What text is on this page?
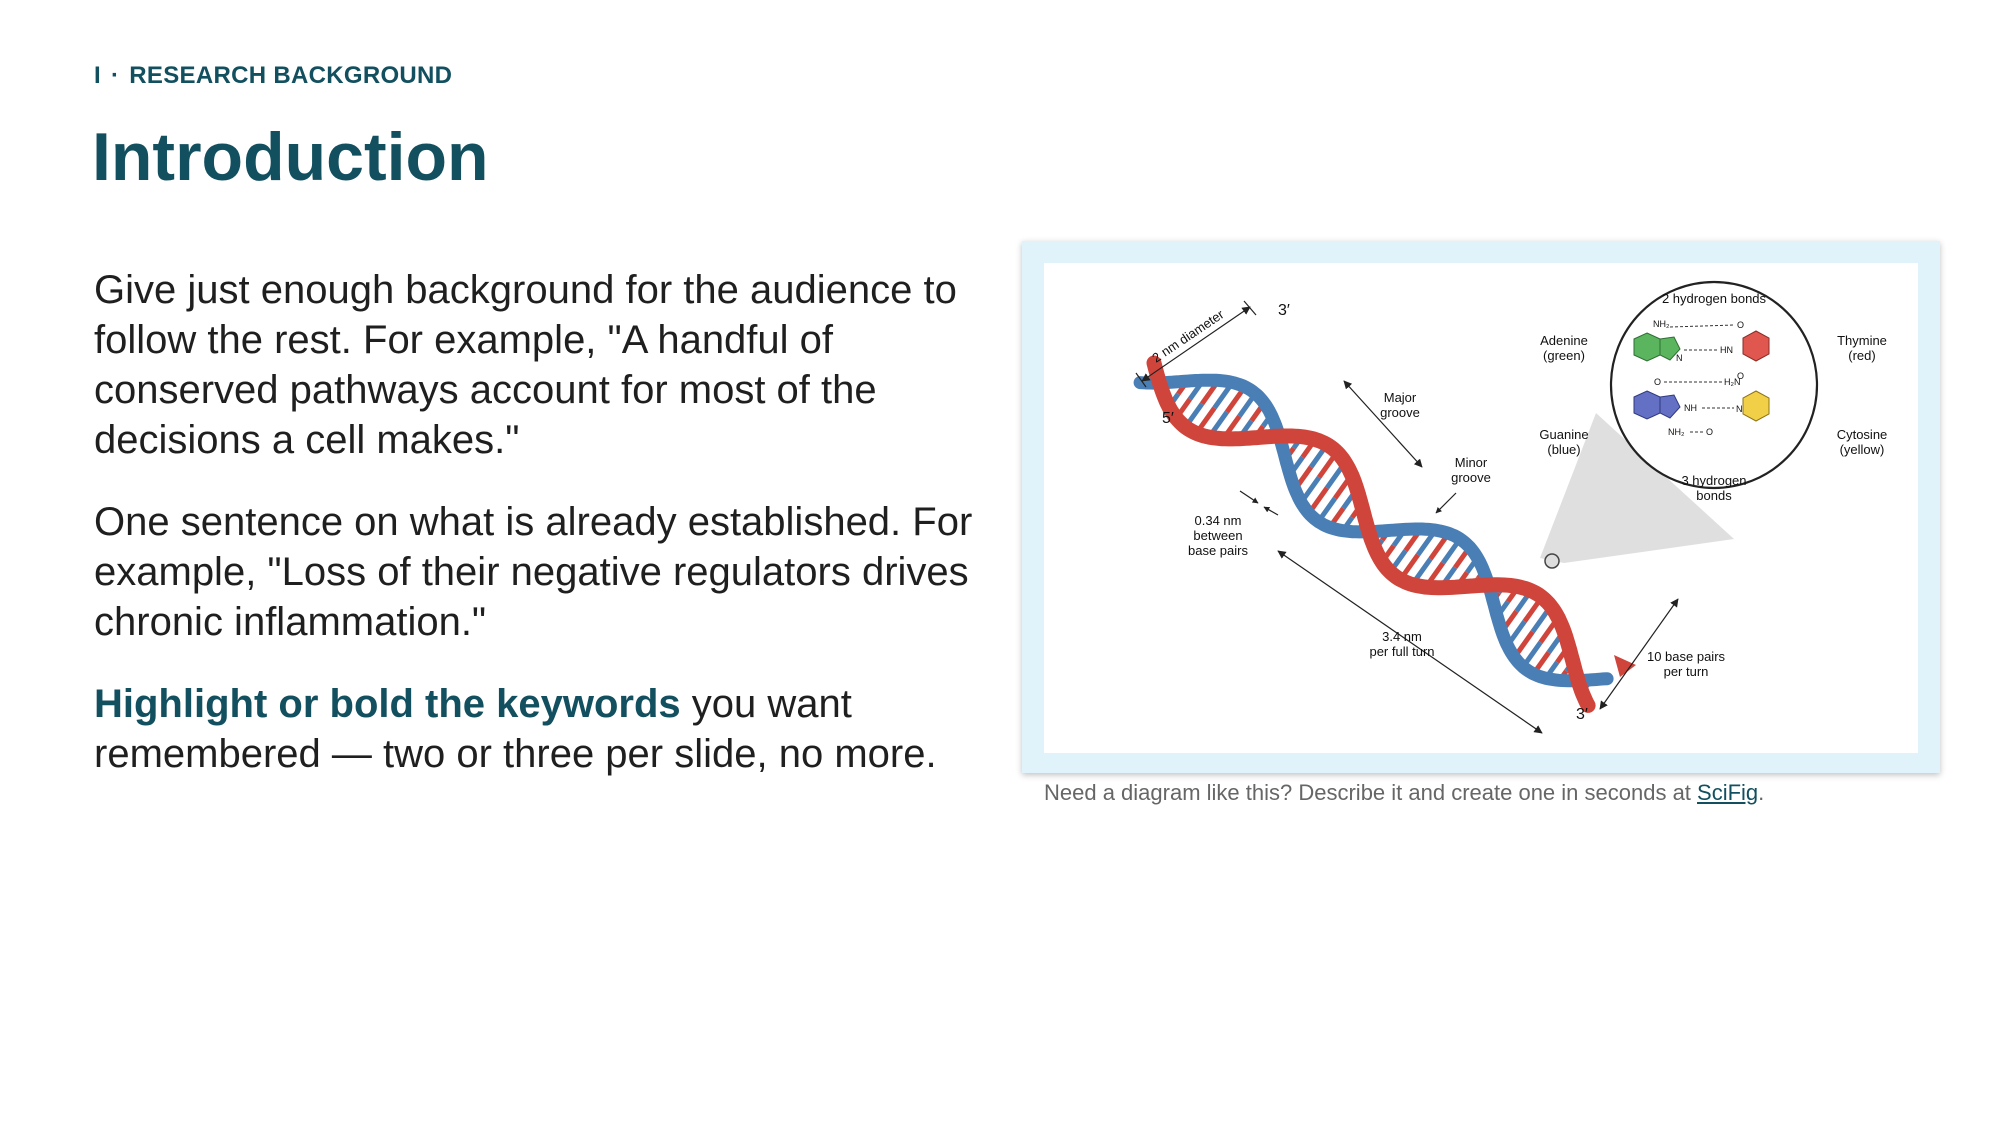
I · RESEARCH BACKGROUND
Introduction

Give just enough background for the audience to follow the rest. For example, "A handful of conserved pathways account for most of the decisions a cell makes."

One sentence on what is already established. For example, "Loss of their negative regulators drives chronic inflammation."

Highlight or bold the keywords you want remembered — two or three per slide, no more.

2 nm diameter	3′
5′
Major
groove
Minor
groove
0.34 nm
between
base pairs
3.4 nm
per full turn	10 base pairs
per turn
3′
2 hydrogen bonds
NH₂
N
O
HN
O
O
NH
NH₂
H₂N
N
O
3 hydrogen
bonds
Adenine
(green)
Thymine
(red)
Guanine
(blue)
Cytosine
(yellow)
Need a diagram like this? Describe it and create one in seconds at SciFig.
